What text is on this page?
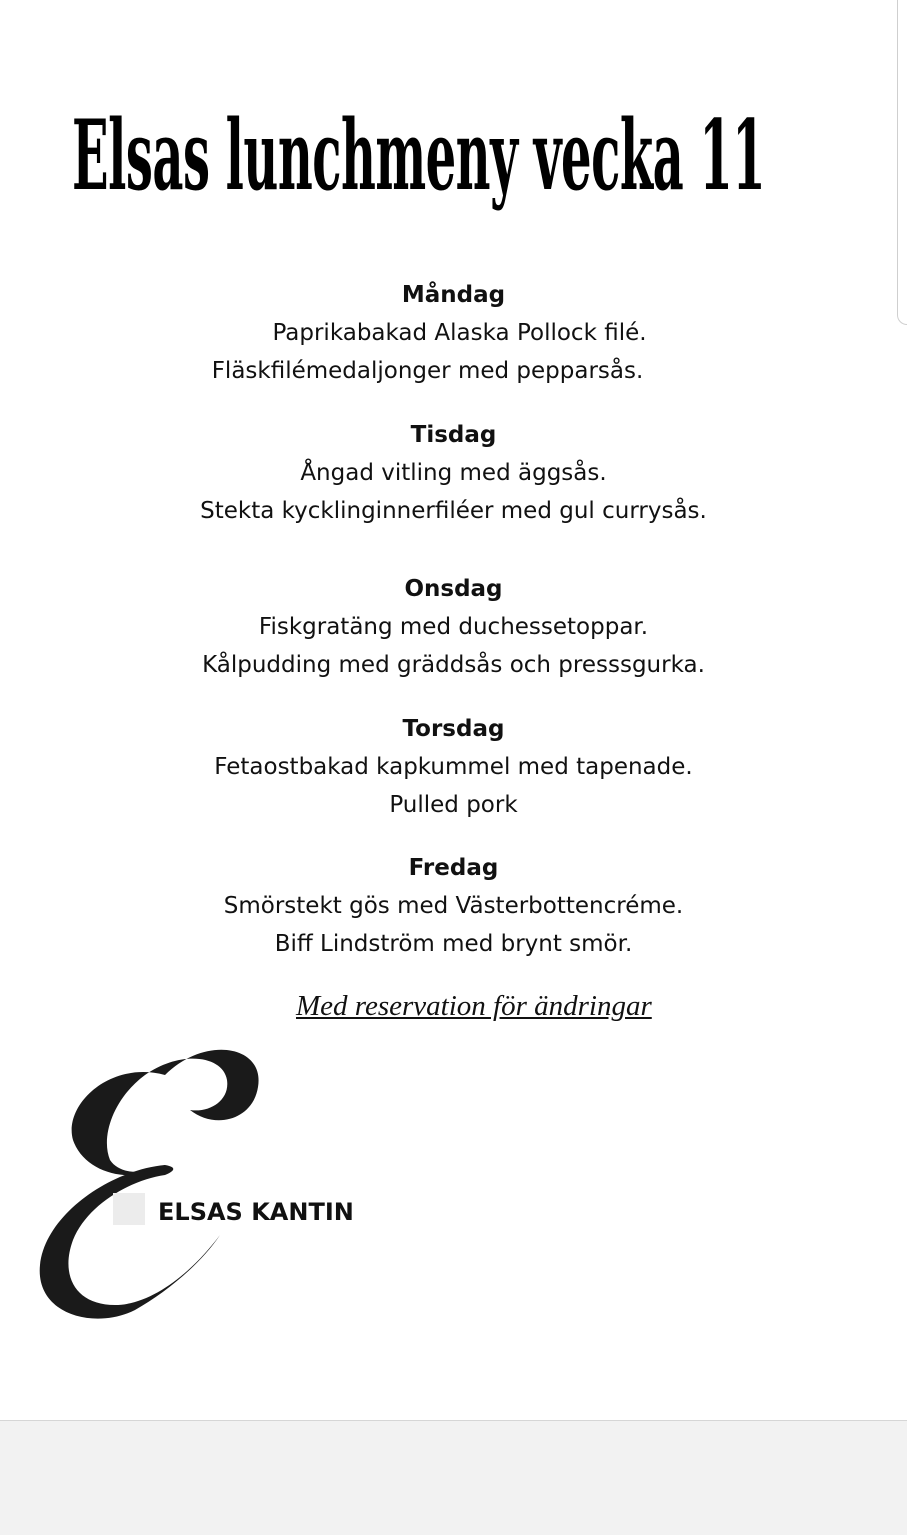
Elsas lunchmeny vecka 11
Måndag
Paprikabakad Alaska Pollock filé.
Fläskfilémedaljonger med pepparsås.
Tisdag
Ångad vitling med äggsås.
Stekta kycklinginnerfiléer med gul currysås.
Onsdag
Fiskgratäng med duchessetoppar.
Kålpudding med gräddsås och presssgurka.
Torsdag
Fetaostbakad kapkummel med tapenade.
Pulled pork
Fredag
Smörstekt gös med Västerbottencréme.
Biff Lindström med brynt smör.
Med reservation för ändringar
ELSAS KANTIN
